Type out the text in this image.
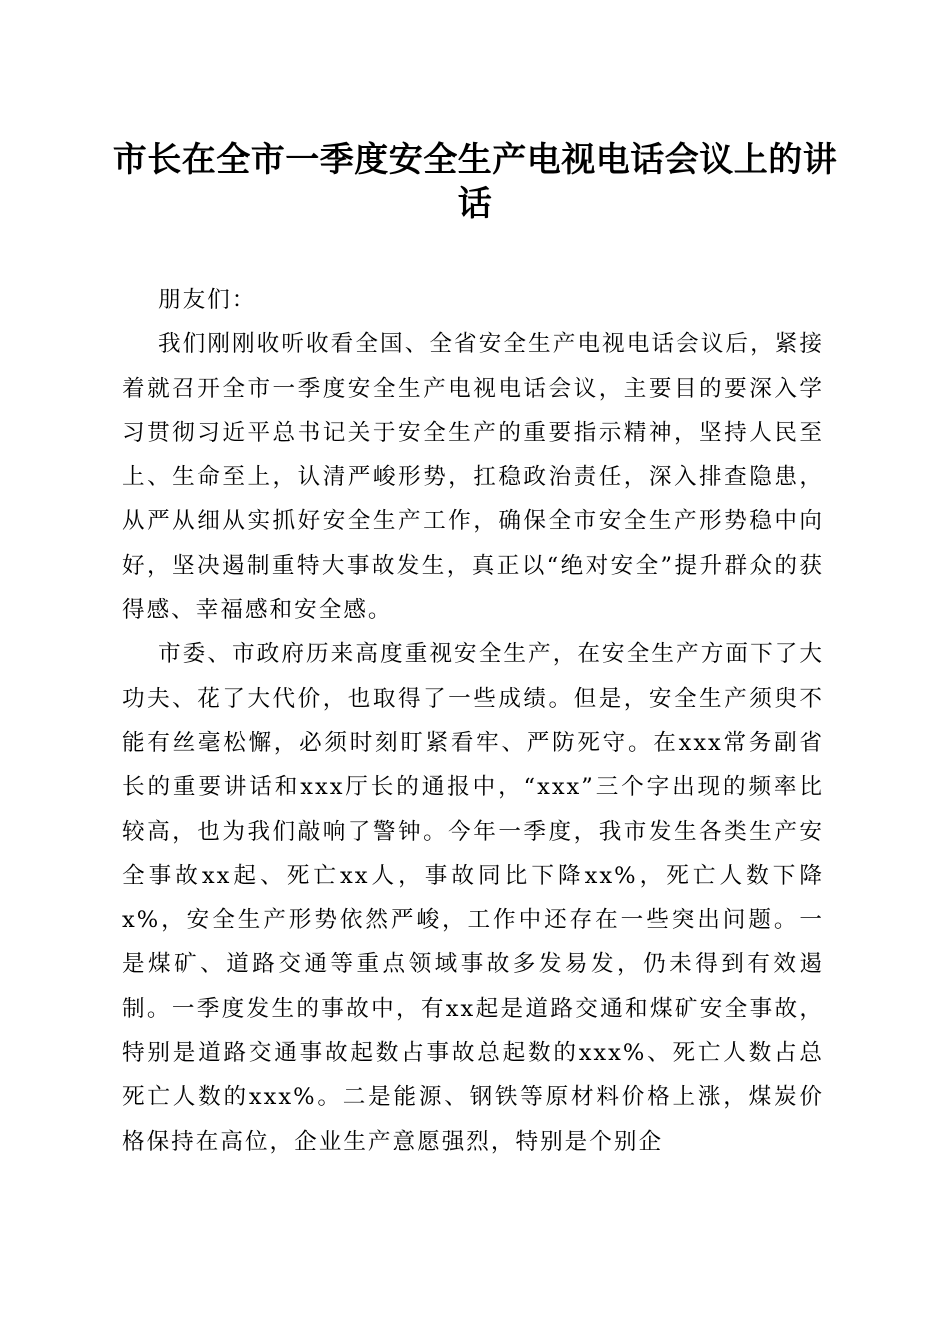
市长在全市一季度安全生产电视电话会议上的讲话

朋友们：

我们刚刚收听收看全国、全省安全生产电视电话会议后，紧接着就召开全市一季度安全生产电视电话会议，主要目的要深入学习贯彻习近平总书记关于安全生产的重要指示精神，坚持人民至上、生命至上，认清严峻形势，扛稳政治责任，深入排查隐患，从严从细从实抓好安全生产工作，确保全市安全生产形势稳中向好，坚决遏制重特大事故发生，真正以“绝对安全”提升群众的获得感、幸福感和安全感。

市委、市政府历来高度重视安全生产，在安全生产方面下了大功夫、花了大代价，也取得了一些成绩。但是，安全生产须臾不能有丝毫松懈，必须时刻盯紧看牢、严防死守。在xxx常务副省长的重要讲话和xxx厅长的通报中，“xxx”三个字出现的频率比较高，也为我们敲响了警钟。今年一季度，我市发生各类生产安全事故xx起、死亡xx人，事故同比下降xx%，死亡人数下降x%，安全生产形势依然严峻，工作中还存在一些突出问题。一是煤矿、道路交通等重点领域事故多发易发，仍未得到有效遏制。一季度发生的事故中，有xx起是道路交通和煤矿安全事故，特别是道路交通事故起数占事故总起数的xxx%、死亡人数占总死亡人数的xxx%。二是能源、钢铁等原材料价格上涨，煤炭价格保持在高位，企业生产意愿强烈，特别是个别企
